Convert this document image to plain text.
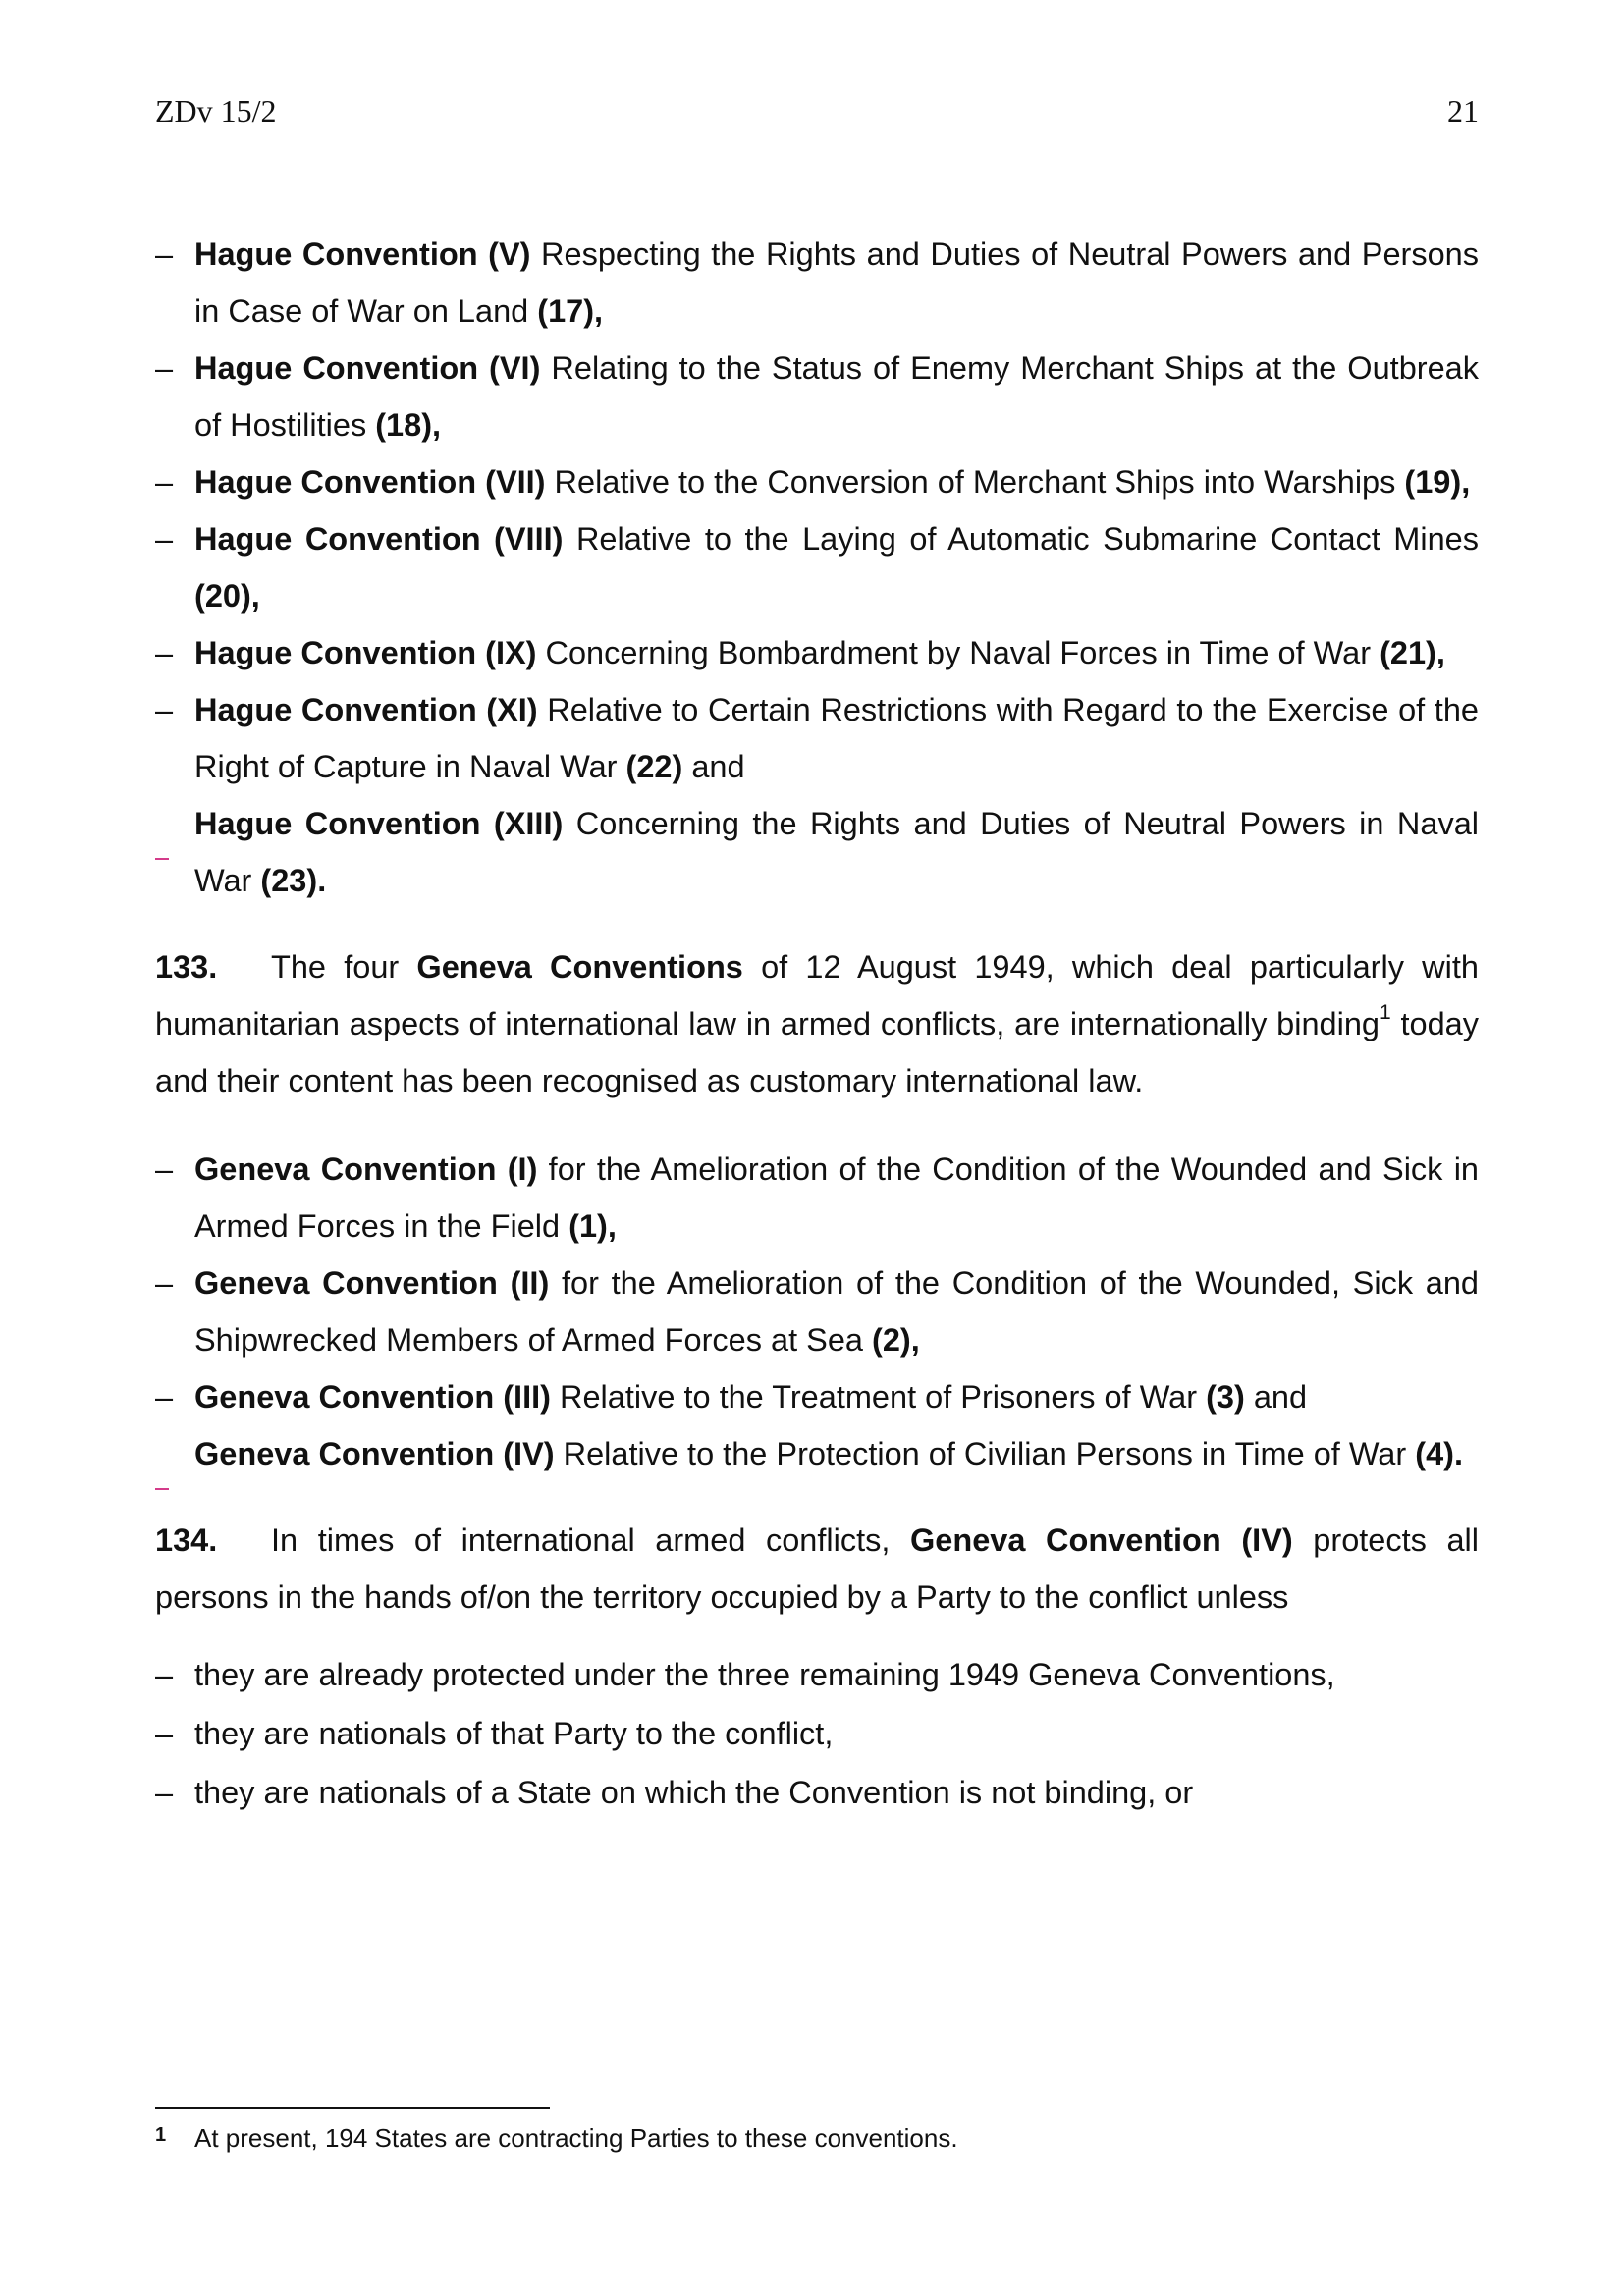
ZDv 15/2	21
– Hague Convention (V) Respecting the Rights and Duties of Neutral Powers and Persons in Case of War on Land (17),
– Hague Convention (VI) Relating to the Status of Enemy Merchant Ships at the Outbreak of Hostilities (18),
– Hague Convention (VII) Relative to the Conversion of Merchant Ships into Warships (19),
– Hague Convention (VIII) Relative to the Laying of Automatic Submarine Contact Mines (20),
– Hague Convention (IX) Concerning Bombardment by Naval Forces in Time of War (21),
– Hague Convention (XI) Relative to Certain Restrictions with Regard to the Exercise of the Right of Capture in Naval War (22) and
Hague Convention (XIII) Concerning the Rights and Duties of Neutral Powers in Naval War (23).

133. The four Geneva Conventions of 12 August 1949, which deal particularly with humanitarian aspects of international law in armed conflicts, are internationally binding$^1$ today and their content has been recognised as customary international law.

– Geneva Convention (I) for the Amelioration of the Condition of the Wounded and Sick in Armed Forces in the Field (1),
– Geneva Convention (II) for the Amelioration of the Condition of the Wounded, Sick and Shipwrecked Members of Armed Forces at Sea (2),
– Geneva Convention (III) Relative to the Treatment of Prisoners of War (3) and
Geneva Convention (IV) Relative to the Protection of Civilian Persons in Time of War (4).

134. In times of international armed conflicts, Geneva Convention (IV) protects all persons in the hands of/on the territory occupied by a Party to the conflict unless

– they are already protected under the three remaining 1949 Geneva Conventions,
– they are nationals of that Party to the conflict,
– they are nationals of a State on which the Convention is not binding, or
1 At present, 194 States are contracting Parties to these conventions.
